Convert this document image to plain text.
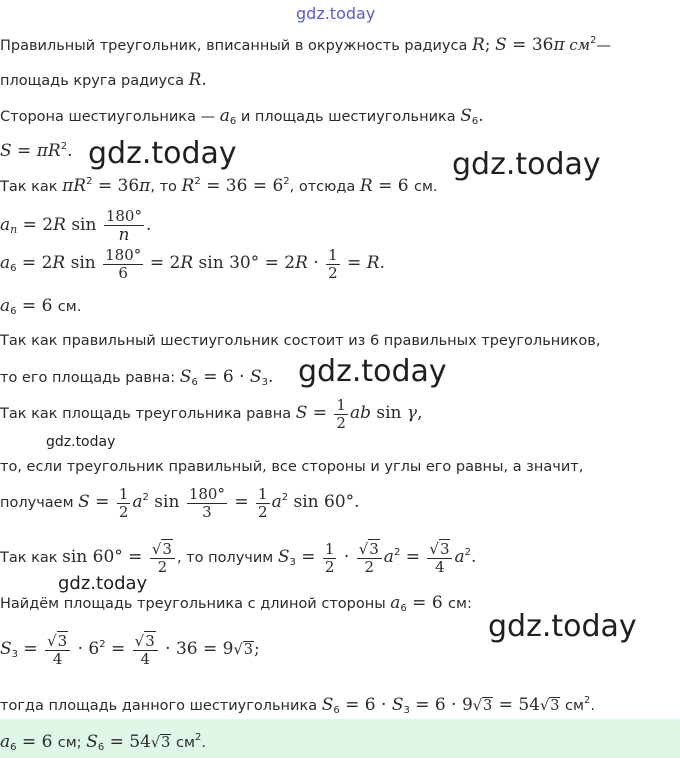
gdz.today
gdz.today	gdz.today
gdz.today
gdz.today
gdz.today
gdz.today
Правильный треугольник, вписанный в окружность радиуса R; S = 36π $см^2—$
площадь круга радиуса R.
Сторона шестиугольника — $a_6$ и площадь шестиугольника $S_6$.
$S = \pi R^2$.
Так как $\pi R^2 = 36\pi$, то $R^2 = 36 = 6^2$, отсюда R = 6 см.
$a_n = 2R$ $\sin \frac{180^\circ}{n}$ .
$a_6 = 2R$ $\sin \frac{180^\circ}{6} = 2R$ $\sin 30^\circ = 2R \cdot \frac{1}{2} = R$.
$a_6 = 6$ см.
Так как правильный шестиугольник состоит из 6 правильных треугольников,
то его площадь равна: $S_6 = 6 \cdot S_3$.
Так как площадь треугольника равна $S = \frac{1}{2}$ ab sin γ,
то, если треугольник правильный, все стороны и углы его равны, а значит,
получаем $S = \frac{1}{2} a^2$ $\sin \frac{180^\circ}{3} = \frac{1}{2} a^2$ sin 60°.
Так как $\sin 60^\circ = \frac{√3}{2}$ , то получим $S_3 = \frac{1}{2} \cdot \frac{√3}{2} a^2 = \frac{√3}{4} a^2$.
Найдём площадь треугольника с длиной стороны $a_6 = 6$ см:
$S_3 = \frac{√3}{4} \cdot 6^2 = \frac{√3}{4} \cdot 36 = 9√3$;
тогда площадь данного шестиугольника $S_6 = 6 \cdot S_3 = 6 \cdot 9√3 = 54√3$ $см^2$.
$a_6 = 6$ см; $S_6 = 54√3$ $см^2$.
